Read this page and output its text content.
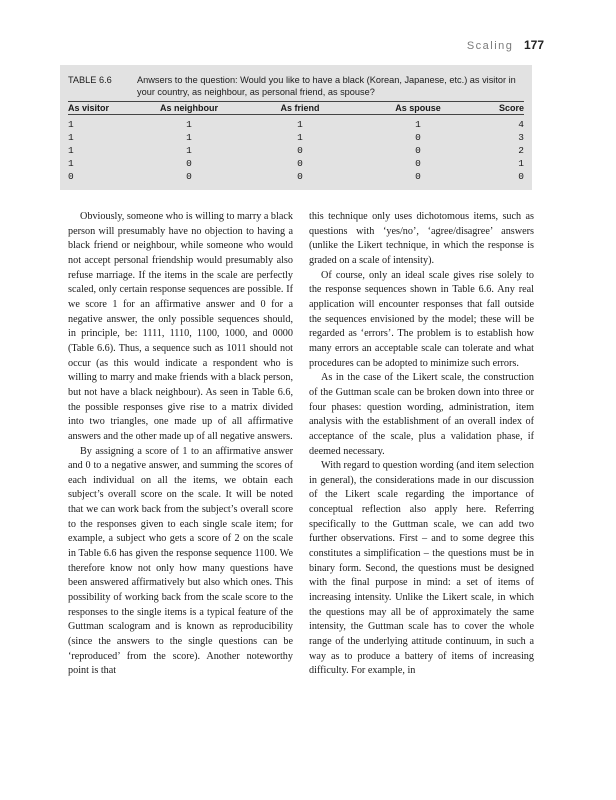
Scaling 177
TABLE 6.6	Anwsers to the question: Would you like to have a black (Korean, Japanese, etc.) as visitor in your country, as neighbour, as personal friend, as spouse?
As visitor	As neighbour	As friend	As spouse	Score
1	1	1	1	4
1	1	1	0	3
1	1	0	0	2
1	0	0	0	1
0	0	0	0	0

Obviously, someone who is willing to marry a black person will presumably have no objection to having a black friend or neighbour, while someone who would not accept personal friendship would presumably also refuse marriage. If the items in the scale are perfectly scaled, only certain response sequences are possible. If we score 1 for an affirmative answer and 0 for a negative answer, the only possible sequences should, in principle, be: 1111, 1110, 1100, 1000, and 0000 (Table 6.6). Thus, a sequence such as 1011 should not occur (as this would indicate a respondent who is willing to marry and make friends with a black person, but not have a black neighbour). As seen in Table 6.6, the possible responses give rise to a matrix divided into two triangles, one made up of all affirmative answers and the other made up of all negative answers.

By assigning a score of 1 to an affirmative answer and 0 to a negative answer, and summing the scores of each individual on all the items, we obtain each subject’s overall score on the scale. It will be noted that we can work back from the subject’s overall score to the responses given to each single scale item; for example, a subject who gets a score of 2 on the scale in Table 6.6 has given the response sequence 1100. We therefore know not only how many questions have been answered affirmatively but also which ones. This possibility of working back from the scale score to the responses to the single items is a typical feature of the Guttman scalogram and is known as reproducibility (since the answers to the single questions can be ‘reproduced’ from the score). Another noteworthy point is that

this technique only uses dichotomous items, such as questions with ‘yes/no’, ‘agree/disagree’ answers (unlike the Likert technique, in which the response is graded on a scale of intensity).

Of course, only an ideal scale gives rise solely to the response sequences shown in Table 6.6. Any real application will encounter responses that fall outside the sequences envisioned by the model; these will be regarded as ‘errors’. The problem is to establish how many errors an acceptable scale can tolerate and what procedures can be adopted to minimize such errors.

As in the case of the Likert scale, the construction of the Guttman scale can be broken down into three or four phases: question wording, administration, item analysis with the establishment of an overall index of acceptance of the scale, plus a validation phase, if deemed necessary.

With regard to question wording (and item selection in general), the considerations made in our discussion of the Likert scale regarding the importance of conceptual reflection also apply here. Referring specifically to the Guttman scale, we can add two further observations. First – and to some degree this constitutes a simplification – the questions must be in binary form. Second, the questions must be designed with the final purpose in mind: a set of items of increasing intensity. Unlike the Likert scale, in which the questions may all be of approximately the same intensity, the Guttman scale has to cover the whole range of the underlying attitude continuum, in such a way as to produce a battery of items of increasing difficulty. For example, in
